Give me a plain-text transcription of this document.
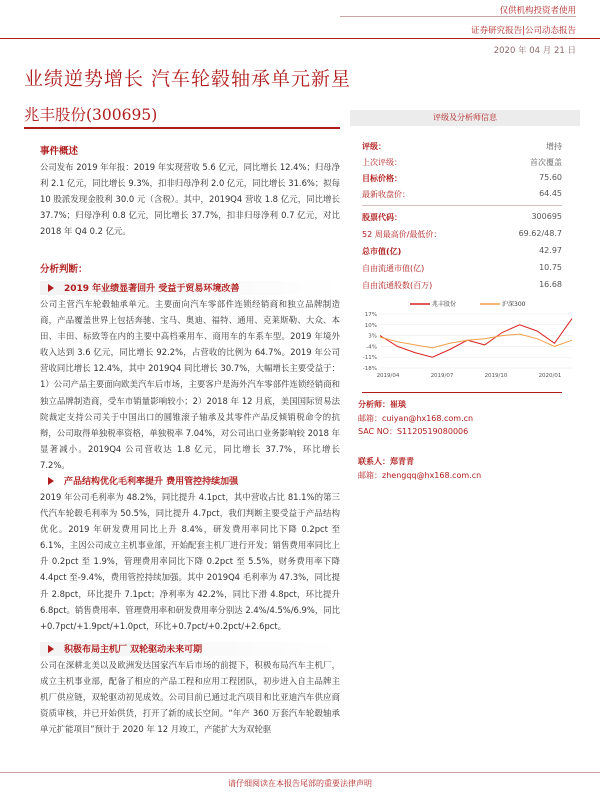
仅供机构投资者使用
证券研究报告|公司动态报告
2020 年 04 月 21 日
业绩逆势增长 汽车轮毂轴承单元新星
兆丰股份(300695)
事件概述
公司发布 2019 年年报：2019 年实现营收 5.6 亿元，同比增长 12.4%；归母净利 2.1 亿元，同比增长 9.3%，扣非归母净利 2.0 亿元，同比增长 31.6%；拟每 10 股派发现金股利 30.0 元（含税）。其中，2019Q4 营收 1.8 亿元，同比增长 37.7%；归母净利 0.8 亿元，同比增长 37.7%，扣非归母净利 0.7 亿元，对比 2018 年 Q4 0.2 亿元。
分析判断：
2019 年业绩显著回升 受益于贸易环境改善
公司主营汽车轮毂轴承单元。主要面向汽车零部件连锁经销商和独立品牌制造商，产品覆盖世界上包括奔驰、宝马、奥迪、福特、通用、克莱斯勒、大众、本田、丰田、标致等在内的主要中高档乘用车、商用车的车系车型。2019 年境外收入达到 3.6 亿元，同比增长 92.2%，占营收的比例为 64.7%。2019 年公司营收同比增长 12.4%，其中 2019Q4 同比增长 30.7%，大幅增长主要受益于：1）公司产品主要面向欧美汽车后市场，主要客户是海外汽车零部件连锁经销商和独立品牌制造商，受车市销量影响较小；2）2018 年 12 月底，美国国际贸易法院裁定支持公司关于中国出口的圆锥滚子轴承及其零件产品反倾销税命令的抗辩，公司取得单独税率资格，单独税率 7.04%，对公司出口业务影响较 2018 年显著减小。2019Q4 公司营收达 1.8 亿元，同比增长 37.7%，环比增长 7.2%。
产品结构优化毛利率提升 费用管控持续加强
2019 年公司毛利率为 48.2%，同比提升 4.1pct，其中营收占比 81.1%的第三代汽车轮毂毛利率为 50.5%，同比提升 4.7pct，我们判断主要受益于产品结构优化。2019 年研发费用同比上升 8.4%，研发费用率同比下降 0.2pct 至 6.1%，主因公司成立主机事业部，开始配套主机厂进行开发；销售费用率同比上升 0.2pct 至 1.9%，管理费用率同比下降 0.2pct 至 5.5%，财务费用率下降 4.4pct 至-9.4%，费用管控持续加强。其中 2019Q4 毛利率为 47.3%，同比提升 2.8pct，环比提升 7.1pct；净利率为 42.2%，同比下滑 4.8pct，环比提升 6.8pct。销售费用率、管理费用率和研发费用率分别达 2.4%/4.5%/6.9%，同比 +0.7pct/+1.9pct/+1.0pct，环比+0.7pct/+0.2pct/+2.6pct。
积极布局主机厂 双轮驱动未来可期
公司在深耕北美以及欧洲发达国家汽车后市场的前提下，积极布局汽车主机厂，成立主机事业部，配备了相应的产品工程和应用工程团队，初步进入自主品牌主机厂供应链，双轮驱动初见成效。公司目前已通过北汽项目和比亚迪汽车供应商资质审核，并已开始供货，打开了新的成长空间。“年产 360 万套汽车轮毂轴承单元扩能项目”预计于 2020 年 12 月竣工，产能扩大为双轮驱
评级及分析师信息
评级：	增持
上次评级：	首次覆盖
目标价格：	75.60
最新收盘价：	64.45
股票代码：	300695
52 周最高价/最低价：	69.62/48.7
总市值(亿)	42.97
自由流通市值(亿)	10.75
自由流通股数(百万)	16.68
兆丰股份	沪深300
17%
10%
3%
-4%
-11%
-18%
2019/04	2019/07	2019/10	2020/01
分析师：崔琰
邮箱：cuiyan@hx168.com.cn
SAC NO：S1120519080006
联系人：郑青青
邮箱：zhengqq@hx168.com.cn
请仔细阅读在本报告尾部的重要法律声明
